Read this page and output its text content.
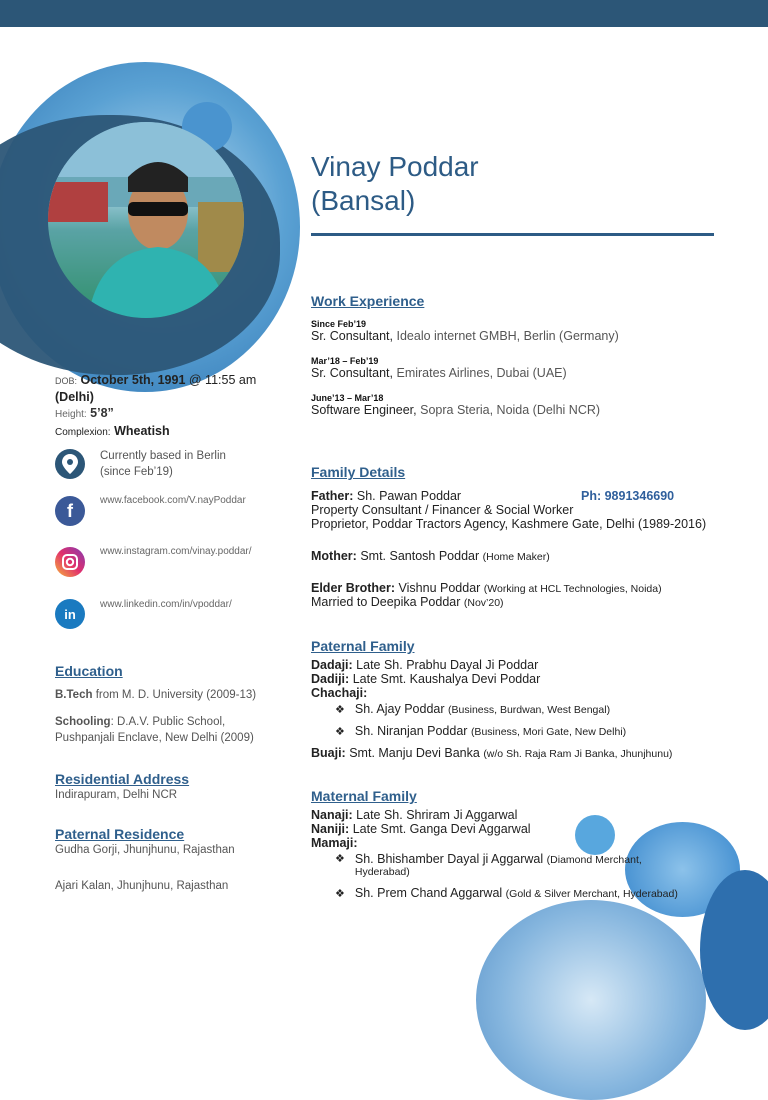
Vinay Poddar
(Bansal)
DOB: October 5th, 1991 @ 11:55 am
(Delhi)
Height: 5’8”
Complexion: Wheatish
Currently based in Berlin
(since Feb’19)
f	www.facebook.com/V.nayPoddar
www.instagram.com/vinay.poddar/
in
www.linkedin.com/in/vpoddar/
Education
B.Tech from M. D. University (2009-13)
Schooling: D.A.V. Public School,
Pushpanjali Enclave, New Delhi (2009)
Residential Address
Indirapuram, Delhi NCR
Paternal Residence
Gudha Gorji, Jhunjhunu, Rajasthan
Ajari Kalan, Jhunjhunu, Rajasthan
Work Experience
Since Feb’19
Sr. Consultant, Idealo internet GMBH, Berlin (Germany)
Mar’18 – Feb’19
Sr. Consultant, Emirates Airlines, Dubai (UAE)
June’13 – Mar’18
Software Engineer, Sopra Steria, Noida (Delhi NCR)
Family Details
Father: Sh. Pawan Poddar	Ph: 9891346690
Property Consultant / Financer & Social Worker
Proprietor, Poddar Tractors Agency, Kashmere Gate, Delhi (1989-2016)
Mother: Smt. Santosh Poddar (Home Maker)
Elder Brother: Vishnu Poddar (Working at HCL Technologies, Noida)
Married to Deepika Poddar (Nov’20)
Paternal Family
Dadaji: Late Sh. Prabhu Dayal Ji Poddar
Dadiji: Late Smt. Kaushalya Devi Poddar
Chachaji:
❖ Sh. Ajay Poddar (Business, Burdwan, West Bengal)
❖ Sh. Niranjan Poddar (Business, Mori Gate, New Delhi)
Buaji: Smt. Manju Devi Banka (w/o Sh. Raja Ram Ji Banka, Jhunjhunu)
Maternal Family
Nanaji: Late Sh. Shriram Ji Aggarwal
Naniji: Late Smt. Ganga Devi Aggarwal
Mamaji:
❖ Sh. Bhishamber Dayal ji Aggarwal (Diamond Merchant,
Hyderabad)
❖ Sh. Prem Chand Aggarwal (Gold & Silver Merchant, Hyderabad)
